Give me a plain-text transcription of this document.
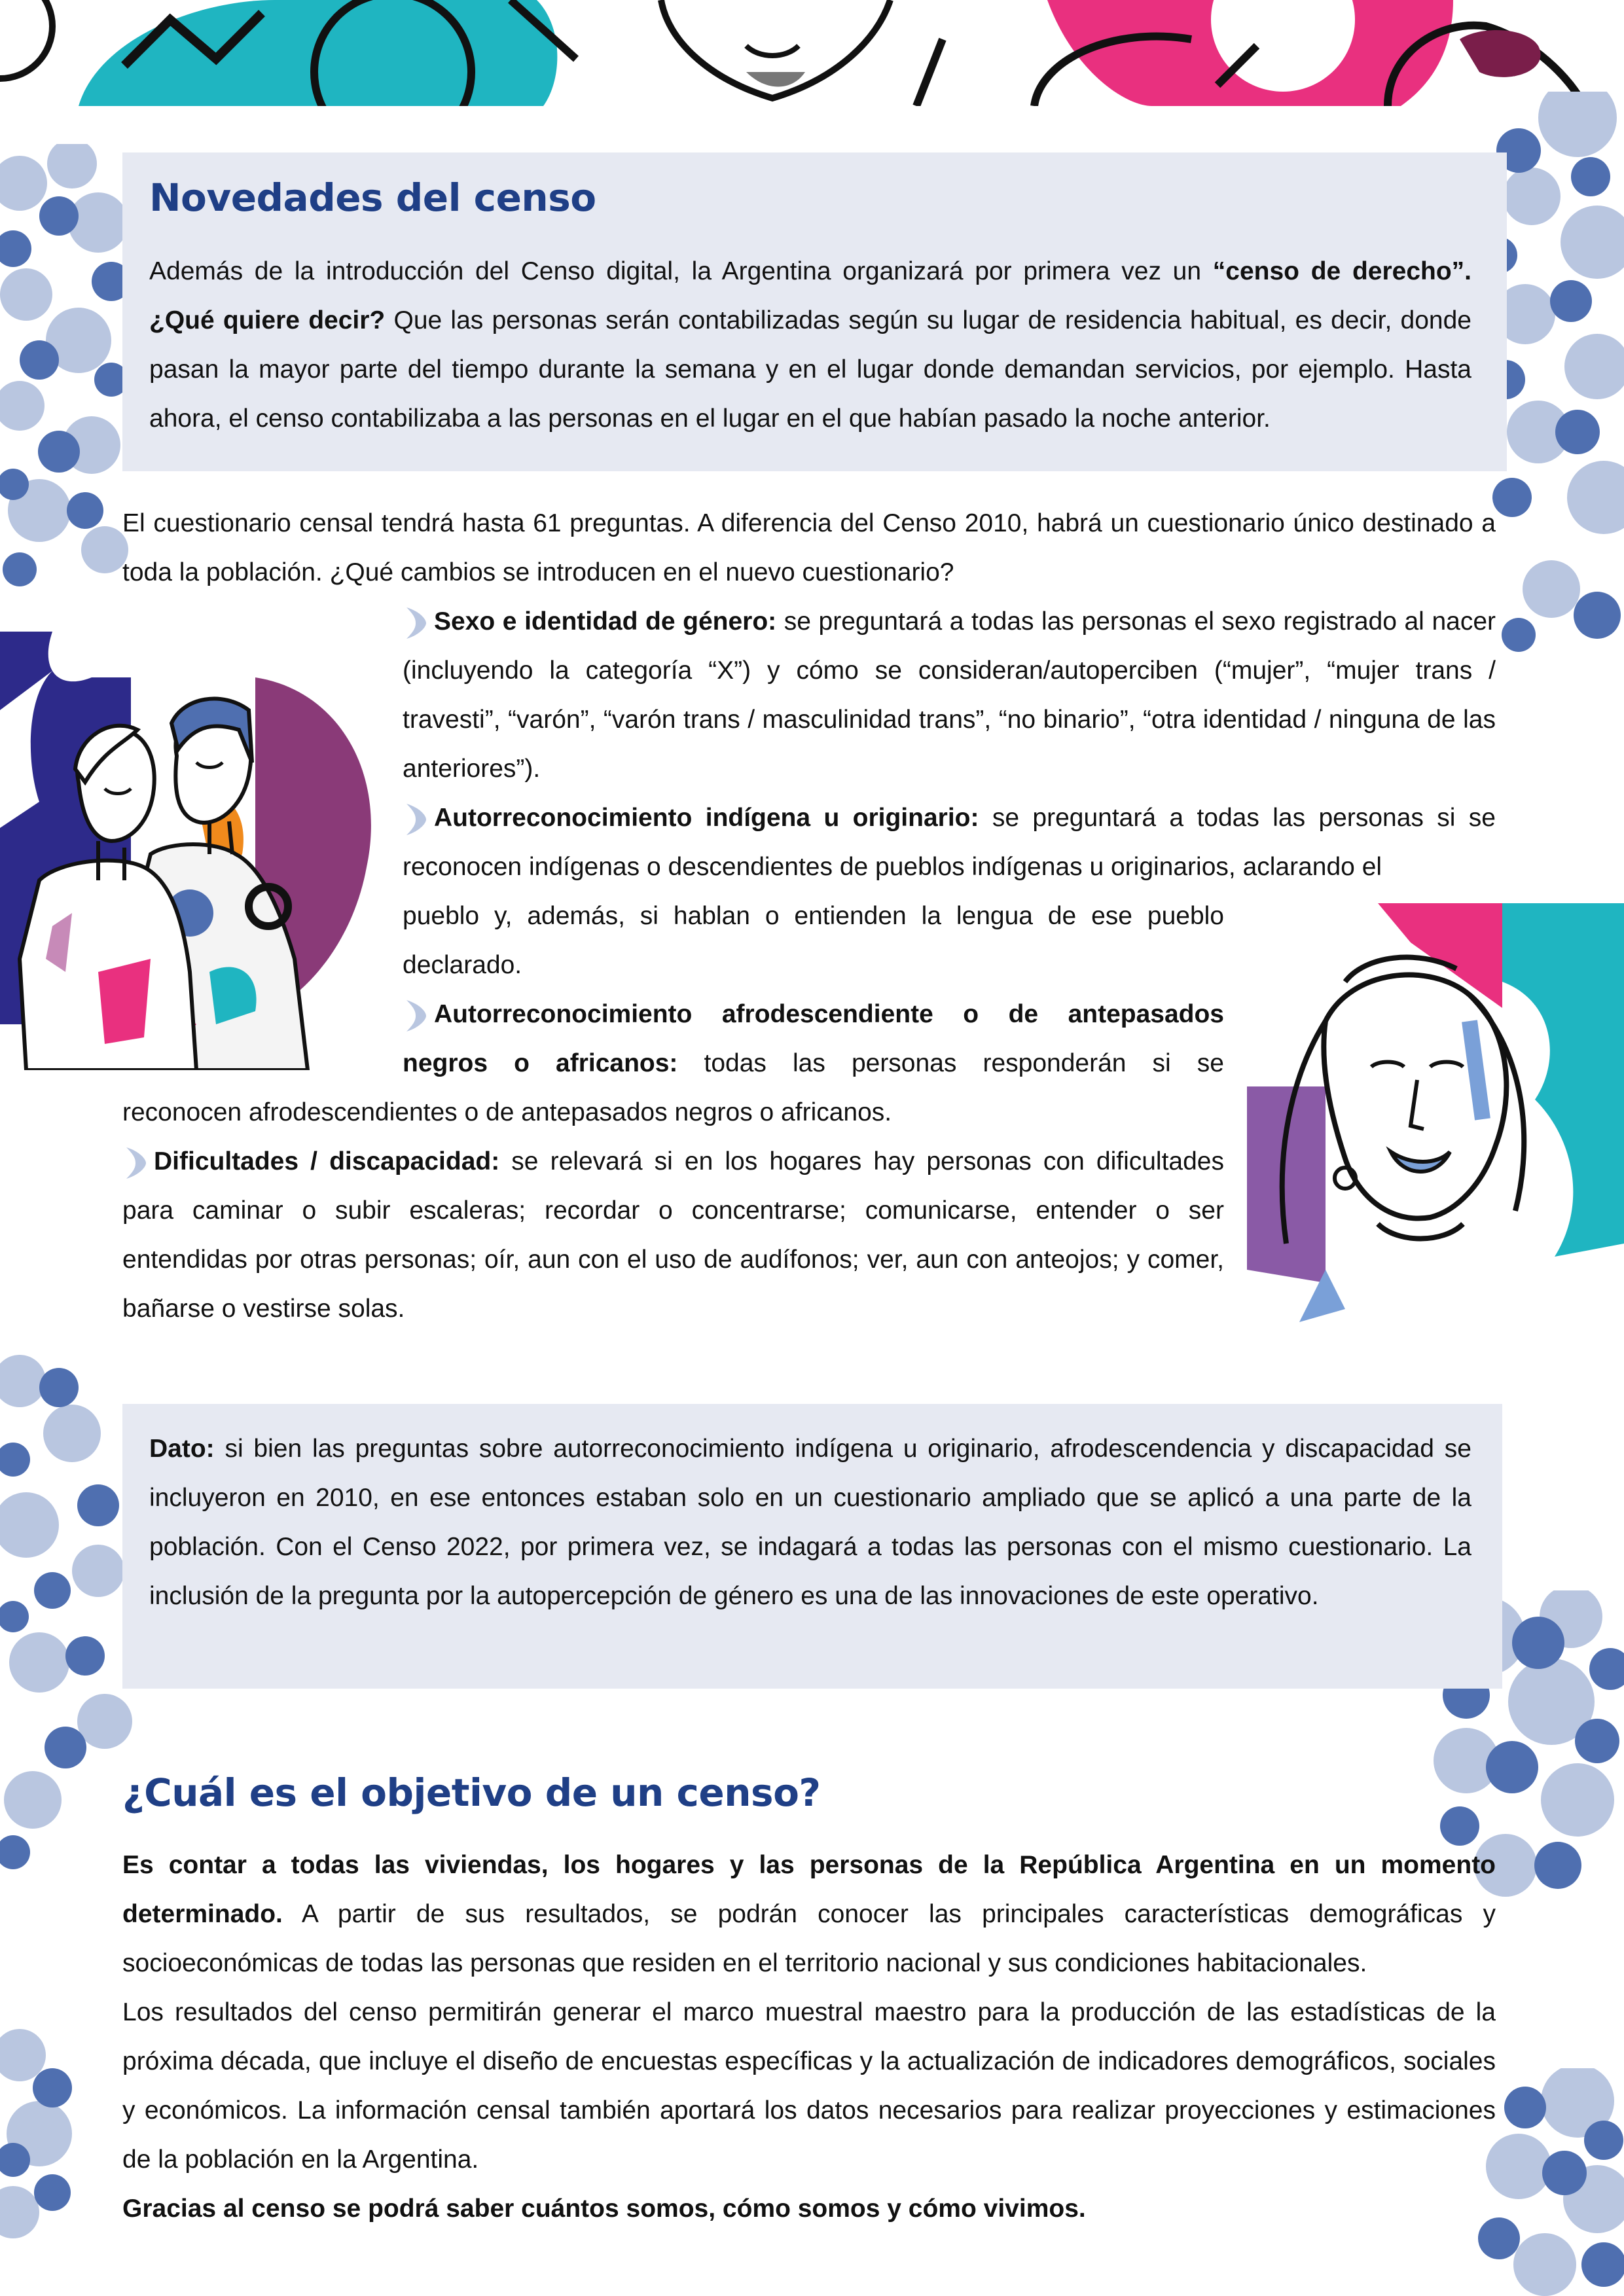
Novedades del censo

Además de la introducción del Censo digital, la Argentina organizará por primera vez un “censo de derecho”. ¿Qué quiere decir? Que las personas serán contabilizadas según su lugar de residencia habitual, es decir, donde pasan la mayor parte del tiempo durante la semana y en el lugar donde demandan servicios, por ejemplo. Hasta ahora, el censo contabilizaba a las personas en el lugar en el que habían pasado la noche anterior.

El cuestionario censal tendrá hasta 61 preguntas. A diferencia del Censo 2010, habrá un cuestionario único destinado a toda la población. ¿Qué cambios se introducen en el nuevo cuestionario?

Sexo e identidad de género: se preguntará a todas las personas el sexo registrado al nacer (incluyendo la categoría “X”) y cómo se consideran/autoperciben (“mujer”, “mujer trans / travesti”, “varón”, “varón trans / masculinidad trans”, “no binario”, “otra identidad / ninguna de las anteriores”).

Autorreconocimiento indígena u originario: se preguntará a todas las personas si se reconocen indígenas o descendientes de pueblos indígenas u originarios, aclarando el

pueblo y, además, si hablan o entienden la lengua de ese pueblo
declarado.
Autorreconocimiento afrodescendiente o de antepasados
negros o africanos: todas las personas responderán si se
reconocen afrodescendientes o de antepasados negros o africanos.

Dificultades / discapacidad: se relevará si en los hogares hay personas con dificultades para caminar o subir escaleras; recordar o concentrarse; comunicarse, entender o ser entendidas por otras personas; oír, aun con el uso de audífonos; ver, aun con anteojos; y comer, bañarse o vestirse solas.

Dato: si bien las preguntas sobre autorreconocimiento indígena u originario, afrodescendencia y discapacidad se incluyeron en 2010, en ese entonces estaban solo en un cuestionario ampliado que se aplicó a una parte de la población. Con el Censo 2022, por primera vez, se indagará a todas las personas con el mismo cuestionario. La inclusión de la pregunta por la autopercepción de género es una de las innovaciones de este operativo.

¿Cuál es el objetivo de un censo?

Es contar a todas las viviendas, los hogares y las personas de la República Argentina en un momento determinado. A partir de sus resultados, se podrán conocer las principales características demográficas y socioeconómicas de todas las personas que residen en el territorio nacional y sus condiciones habitacionales.

Los resultados del censo permitirán generar el marco muestral maestro para la producción de las estadísticas de la próxima década, que incluye el diseño de encuestas específicas y la actualización de indicadores demográficos, sociales y económicos. La información censal también aportará los datos necesarios para realizar proyecciones y estimaciones de la población en la Argentina.
Gracias al censo se podrá saber cuántos somos, cómo somos y cómo vivimos.
